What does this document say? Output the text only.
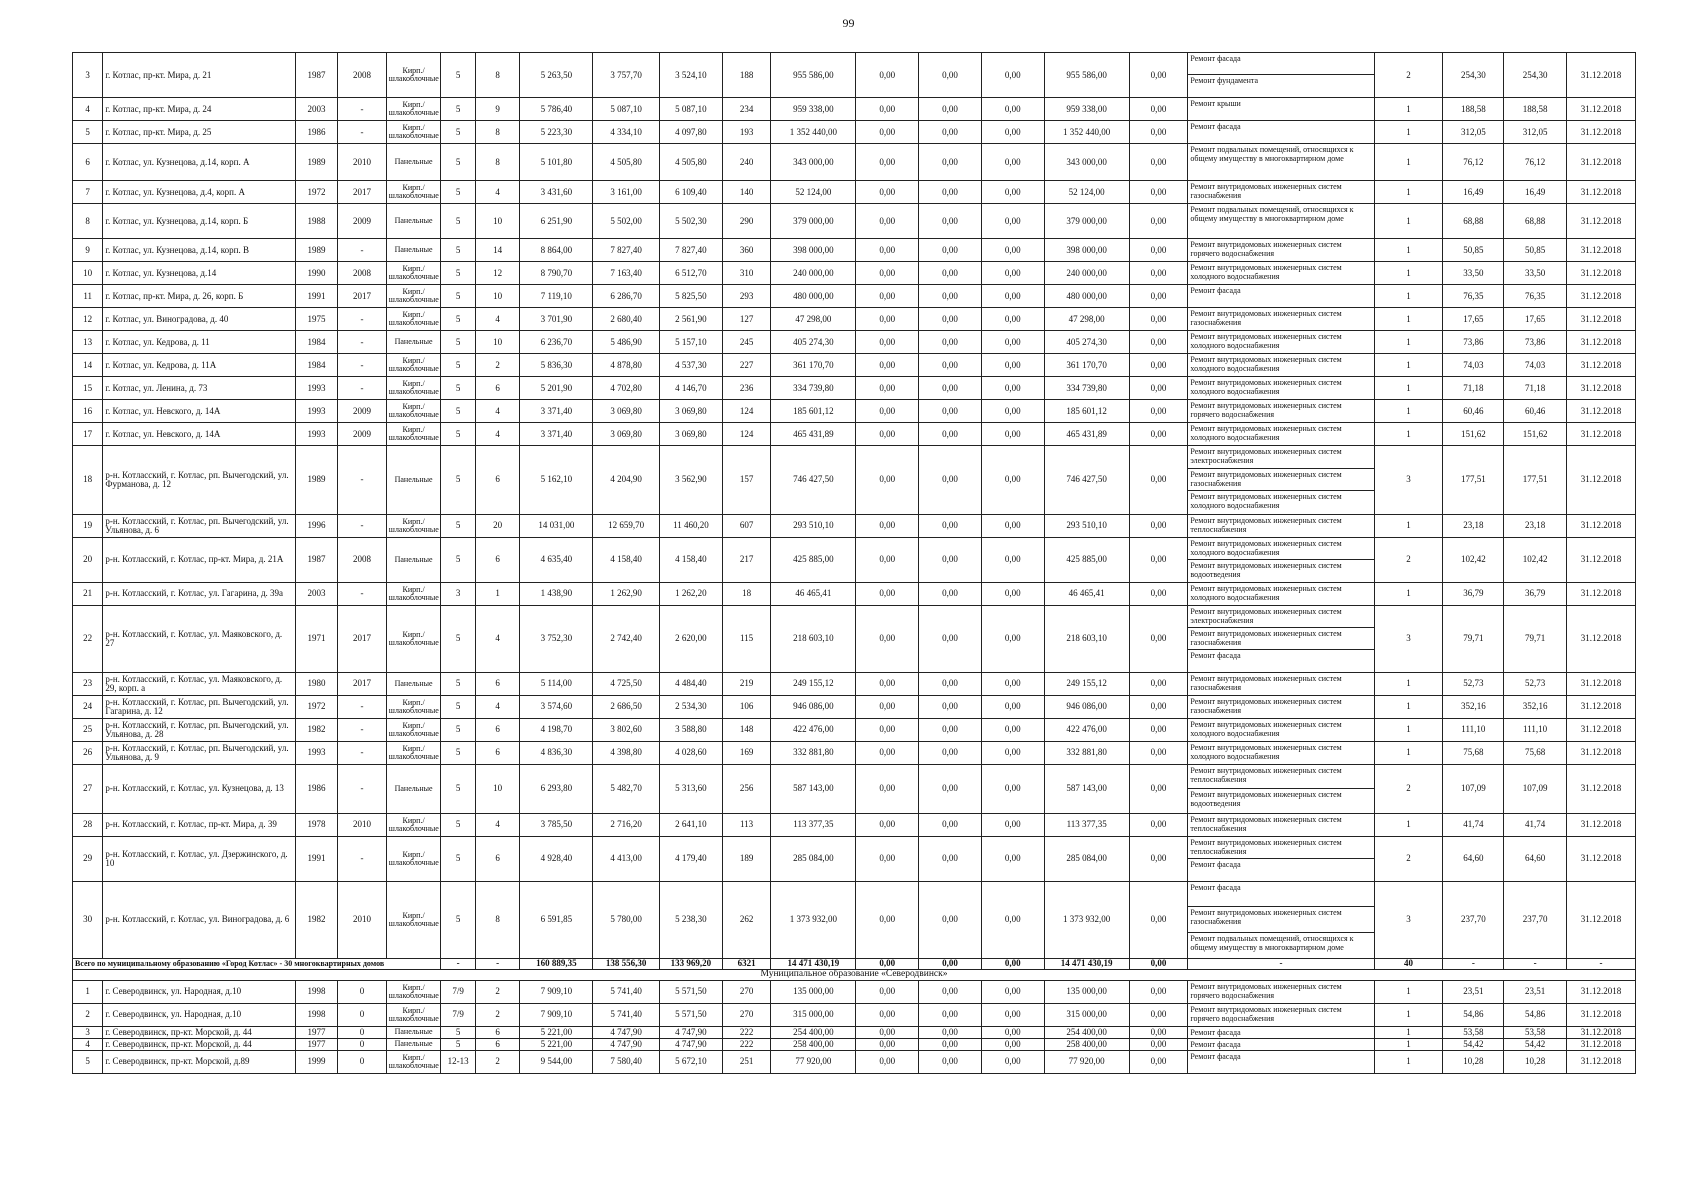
99
3	г. Котлас, пр-кт. Мира, д. 21	1987	2008	Кирп./ шлакоблочные	5	8	5 263,50	3 757,70	3 524,10	188	955 586,00	0,00	0,00	0,00	955 586,00	0,00	Ремонт фасада
Ремонт фундамента	2	254,30	254,30	31.12.2018
4	г. Котлас, пр-кт. Мира, д. 24	2003	-	Кирп./ шлакоблочные	5	9	5 786,40	5 087,10	5 087,10	234	959 338,00	0,00	0,00	0,00	959 338,00	0,00	Ремонт крыши	1	188,58	188,58	31.12.2018
5	г. Котлас, пр-кт. Мира, д. 25	1986	-	Кирп./ шлакоблочные	5	8	5 223,30	4 334,10	4 097,80	193	1 352 440,00	0,00	0,00	0,00	1 352 440,00	0,00	Ремонт фасада	1	312,05	312,05	31.12.2018
6	г. Котлас, ул. Кузнецова, д.14, корп. А	1989	2010	Панельные	5	8	5 101,80	4 505,80	4 505,80	240	343 000,00	0,00	0,00	0,00	343 000,00	0,00	Ремонт подвальных помещений, относящихся к общему имуществу в многоквартирном доме	1	76,12	76,12	31.12.2018
7	г. Котлас, ул. Кузнецова, д.4, корп. А	1972	2017	Кирп./ шлакоблочные	5	4	3 431,60	3 161,00	6 109,40	140	52 124,00	0,00	0,00	0,00	52 124,00	0,00	Ремонт внутридомовых инженерных систем газоснабжения	1	16,49	16,49	31.12.2018
8	г. Котлас, ул. Кузнецова, д.14, корп. Б	1988	2009	Панельные	5	10	6 251,90	5 502,00	5 502,30	290	379 000,00	0,00	0,00	0,00	379 000,00	0,00	Ремонт подвальных помещений, относящихся к общему имуществу в многоквартирном доме	1	68,88	68,88	31.12.2018
9	г. Котлас, ул. Кузнецова, д.14, корп. В	1989	-	Панельные	5	14	8 864,00	7 827,40	7 827,40	360	398 000,00	0,00	0,00	0,00	398 000,00	0,00	Ремонт внутридомовых инженерных систем горячего водоснабжения	1	50,85	50,85	31.12.2018
10	г. Котлас, ул. Кузнецова, д.14	1990	2008	Кирп./ шлакоблочные	5	12	8 790,70	7 163,40	6 512,70	310	240 000,00	0,00	0,00	0,00	240 000,00	0,00	Ремонт внутридомовых инженерных систем холодного водоснабжения	1	33,50	33,50	31.12.2018
11	г. Котлас, пр-кт. Мира, д. 26, корп. Б	1991	2017	Кирп./ шлакоблочные	5	10	7 119,10	6 286,70	5 825,50	293	480 000,00	0,00	0,00	0,00	480 000,00	0,00	Ремонт фасада	1	76,35	76,35	31.12.2018
12	г. Котлас, ул. Виноградова, д. 40	1975	-	Кирп./ шлакоблочные	5	4	3 701,90	2 680,40	2 561,90	127	47 298,00	0,00	0,00	0,00	47 298,00	0,00	Ремонт внутридомовых инженерных систем газоснабжения	1	17,65	17,65	31.12.2018
13	г. Котлас, ул. Кедрова, д. 11	1984	-	Панельные	5	10	6 236,70	5 486,90	5 157,10	245	405 274,30	0,00	0,00	0,00	405 274,30	0,00	Ремонт внутридомовых инженерных систем холодного водоснабжения	1	73,86	73,86	31.12.2018
14	г. Котлас, ул. Кедрова, д. 11А	1984	-	Кирп./ шлакоблочные	5	2	5 836,30	4 878,80	4 537,30	227	361 170,70	0,00	0,00	0,00	361 170,70	0,00	Ремонт внутридомовых инженерных систем холодного водоснабжения	1	74,03	74,03	31.12.2018
15	г. Котлас, ул. Ленина, д. 73	1993	-	Кирп./ шлакоблочные	5	6	5 201,90	4 702,80	4 146,70	236	334 739,80	0,00	0,00	0,00	334 739,80	0,00	Ремонт внутридомовых инженерных систем холодного водоснабжения	1	71,18	71,18	31.12.2018
16	г. Котлас, ул. Невского, д. 14А	1993	2009	Кирп./ шлакоблочные	5	4	3 371,40	3 069,80	3 069,80	124	185 601,12	0,00	0,00	0,00	185 601,12	0,00	Ремонт внутридомовых инженерных систем горячего водоснабжения	1	60,46	60,46	31.12.2018
17	г. Котлас, ул. Невского, д. 14А	1993	2009	Кирп./ шлакоблочные	5	4	3 371,40	3 069,80	3 069,80	124	465 431,89	0,00	0,00	0,00	465 431,89	0,00	Ремонт внутридомовых инженерных систем холодного водоснабжения	1	151,62	151,62	31.12.2018
18	р-н. Котласский, г. Котлас, рп. Вычегодский, ул. Фурманова, д. 12	1989	-	Панельные	5	6	5 162,10	4 204,90	3 562,90	157	746 427,50	0,00	0,00	0,00	746 427,50	0,00	Ремонт внутридомовых инженерных систем электроснабжения
Ремонт внутридомовых инженерных систем газоснабжения
Ремонт внутридомовых инженерных систем холодного водоснабжения	3	177,51	177,51	31.12.2018
19	р-н. Котласский, г. Котлас, рп. Вычегодский, ул. Ульянова, д. 6	1996	-	Кирп./ шлакоблочные	5	20	14 031,00	12 659,70	11 460,20	607	293 510,10	0,00	0,00	0,00	293 510,10	0,00	Ремонт внутридомовых инженерных систем теплоснабжения	1	23,18	23,18	31.12.2018
20	р-н. Котласский, г. Котлас, пр-кт. Мира, д. 21А	1987	2008	Панельные	5	6	4 635,40	4 158,40	4 158,40	217	425 885,00	0,00	0,00	0,00	425 885,00	0,00	Ремонт внутридомовых инженерных систем холодного водоснабжения
Ремонт внутридомовых инженерных систем водоотведения	2	102,42	102,42	31.12.2018
21	р-н. Котласский, г. Котлас, ул. Гагарина, д. 39а	2003	-	Кирп./ шлакоблочные	3	1	1 438,90	1 262,90	1 262,20	18	46 465,41	0,00	0,00	0,00	46 465,41	0,00	Ремонт внутридомовых инженерных систем холодного водоснабжения	1	36,79	36,79	31.12.2018
22	р-н. Котласский, г. Котлас, ул. Маяковского, д. 27	1971	2017	Кирп./ шлакоблочные	5	4	3 752,30	2 742,40	2 620,00	115	218 603,10	0,00	0,00	0,00	218 603,10	0,00	Ремонт внутридомовых инженерных систем электроснабжения
Ремонт внутридомовых инженерных систем газоснабжения
Ремонт фасада	3	79,71	79,71	31.12.2018
23	р-н. Котласский, г. Котлас, ул. Маяковского, д. 29, корп. а	1980	2017	Панельные	5	6	5 114,00	4 725,50	4 484,40	219	249 155,12	0,00	0,00	0,00	249 155,12	0,00	Ремонт внутридомовых инженерных систем газоснабжения	1	52,73	52,73	31.12.2018
24	р-н. Котласский, г. Котлас, рп. Вычегодский, ул. Гагарина, д. 12	1972	-	Кирп./ шлакоблочные	5	4	3 574,60	2 686,50	2 534,30	106	946 086,00	0,00	0,00	0,00	946 086,00	0,00	Ремонт внутридомовых инженерных систем газоснабжения	1	352,16	352,16	31.12.2018
25	р-н. Котласский, г. Котлас, рп. Вычегодский, ул. Ульянова, д. 28	1982	-	Кирп./ шлакоблочные	5	6	4 198,70	3 802,60	3 588,80	148	422 476,00	0,00	0,00	0,00	422 476,00	0,00	Ремонт внутридомовых инженерных систем холодного водоснабжения	1	111,10	111,10	31.12.2018
26	р-н. Котласский, г. Котлас, рп. Вычегодский, ул. Ульянова, д. 9	1993	-	Кирп./ шлакоблочные	5	6	4 836,30	4 398,80	4 028,60	169	332 881,80	0,00	0,00	0,00	332 881,80	0,00	Ремонт внутридомовых инженерных систем холодного водоснабжения	1	75,68	75,68	31.12.2018
27	р-н. Котласский, г. Котлас, ул. Кузнецова, д. 13	1986	-	Панельные	5	10	6 293,80	5 482,70	5 313,60	256	587 143,00	0,00	0,00	0,00	587 143,00	0,00	Ремонт внутридомовых инженерных систем теплоснабжения
Ремонт внутридомовых инженерных систем водоотведения	2	107,09	107,09	31.12.2018
28	р-н. Котласский, г. Котлас, пр-кт. Мира, д. 39	1978	2010	Кирп./ шлакоблочные	5	4	3 785,50	2 716,20	2 641,10	113	113 377,35	0,00	0,00	0,00	113 377,35	0,00	Ремонт внутридомовых инженерных систем теплоснабжения	1	41,74	41,74	31.12.2018
29	р-н. Котласский, г. Котлас, ул. Дзержинского, д. 10	1991	-	Кирп./ шлакоблочные	5	6	4 928,40	4 413,00	4 179,40	189	285 084,00	0,00	0,00	0,00	285 084,00	0,00	Ремонт внутридомовых инженерных систем теплоснабжения
Ремонт фасада	2	64,60	64,60	31.12.2018
30	р-н. Котласский, г. Котлас, ул. Виноградова, д. 6	1982	2010	Кирп./ шлакоблочные	5	8	6 591,85	5 780,00	5 238,30	262	1 373 932,00	0,00	0,00	0,00	1 373 932,00	0,00	Ремонт фасада
Ремонт внутридомовых инженерных систем газоснабжения
Ремонт подвальных помещений, относящихся к общему имуществу в многоквартирном доме	3	237,70	237,70	31.12.2018
Всего по муниципальному образованию «Город Котлас» - 30 многоквартирных домов					-	-	160 889,35	138 556,30	133 969,20	6321	14 471 430,19	0,00	0,00	0,00	14 471 430,19	0,00	-	40	-	-	-
Муниципальное образование «Северодвинск»																					
1	г. Северодвинск, ул. Народная, д.10	1998	0	Кирп./ шлакоблочные	7/9	2	7 909,10	5 741,40	5 571,50	270	135 000,00	0,00	0,00	0,00	135 000,00	0,00	Ремонт внутридомовых инженерных систем горячего водоснабжения	1	23,51	23,51	31.12.2018
2	г. Северодвинск, ул. Народная, д.10	1998	0	Кирп./ шлакоблочные	7/9	2	7 909,10	5 741,40	5 571,50	270	315 000,00	0,00	0,00	0,00	315 000,00	0,00	Ремонт внутридомовых инженерных систем горячего водоснабжения	1	54,86	54,86	31.12.2018
3	г. Северодвинск, пр-кт. Морской, д. 44	1977	0	Панельные	5	6	5 221,00	4 747,90	4 747,90	222	254 400,00	0,00	0,00	0,00	254 400,00	0,00	Ремонт фасада	1	53,58	53,58	31.12.2018
4	г. Северодвинск, пр-кт. Морской, д. 44	1977	0	Панельные	5	6	5 221,00	4 747,90	4 747,90	222	258 400,00	0,00	0,00	0,00	258 400,00	0,00	Ремонт фасада	1	54,42	54,42	31.12.2018
5	г. Северодвинск, пр-кт. Морской, д.89	1999	0	Кирп./ шлакоблочные	12-13	2	9 544,00	7 580,40	5 672,10	251	77 920,00	0,00	0,00	0,00	77 920,00	0,00	Ремонт фасада	1	10,28	10,28	31.12.2018
